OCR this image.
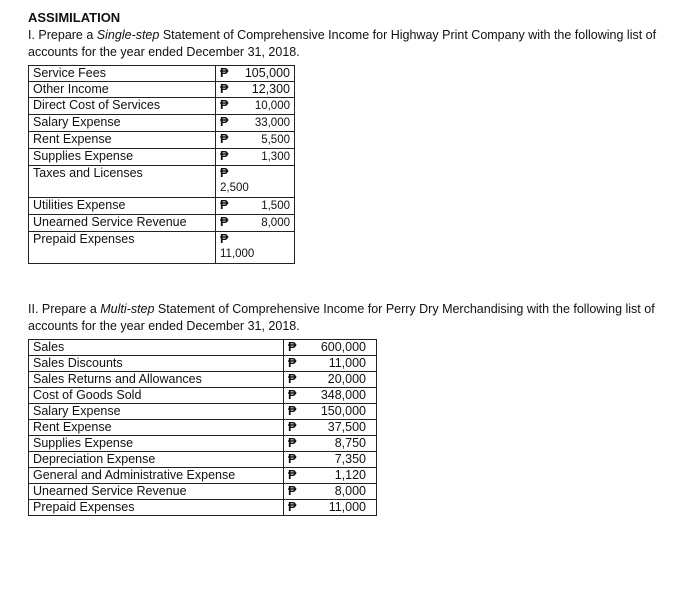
ASSIMILATION

I. Prepare a Single-step Statement of Comprehensive Income for Highway Print Company with the following list of accounts for the year ended December 31, 2018.

Service Fees	₱ 105,000
Other Income	₱ 12,300
Direct Cost of Services	₱ 10,000
Salary Expense	₱ 33,000
Rent Expense	₱ 5,500
Supplies Expense	₱ 1,300
Taxes and Licenses	₱
2,500

Utilities Expense	₱ 1,500
Unearned Service Revenue	₱ 8,000
Prepaid Expenses	₱
11,000

II. Prepare a Multi-step Statement of Comprehensive Income for Perry Dry Merchandising with the following list of accounts for the year ended December 31, 2018.

Sales	₱ 600,000
Sales Discounts	₱ 11,000
Sales Returns and Allowances	₱ 20,000
Cost of Goods Sold	₱ 348,000
Salary Expense	₱ 150,000
Rent Expense	₱ 37,500
Supplies Expense	₱ 8,750
Depreciation Expense	₱ 7,350
General and Administrative Expense	₱ 1,120
Unearned Service Revenue	₱ 8,000
Prepaid Expenses	₱ 11,000
